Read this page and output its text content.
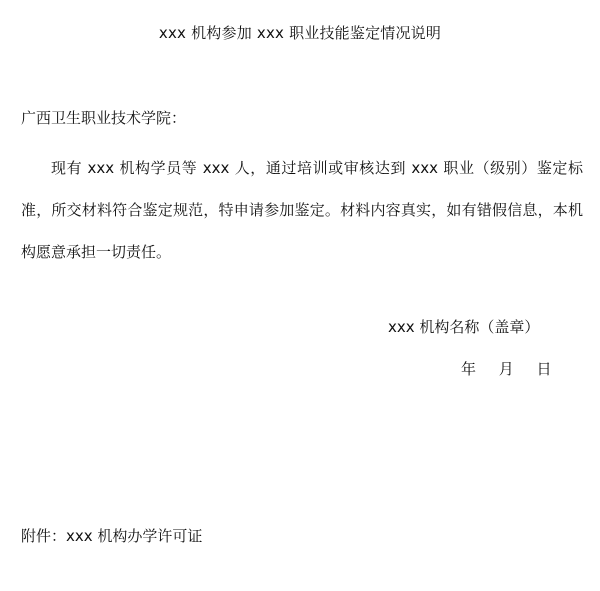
xxx 机构参加 xxx 职业技能鉴定情况说明
广西卫生职业技术学院：
现有 xxx 机构学员等 xxx 人，通过培训或审核达到 xxx 职业（级别）鉴定标准，所交材料符合鉴定规范，特申请参加鉴定。材料内容真实，如有错假信息，本机构愿意承担一切责任。
xxx 机构名称（盖章）
年 月 日
附件：xxx 机构办学许可证
